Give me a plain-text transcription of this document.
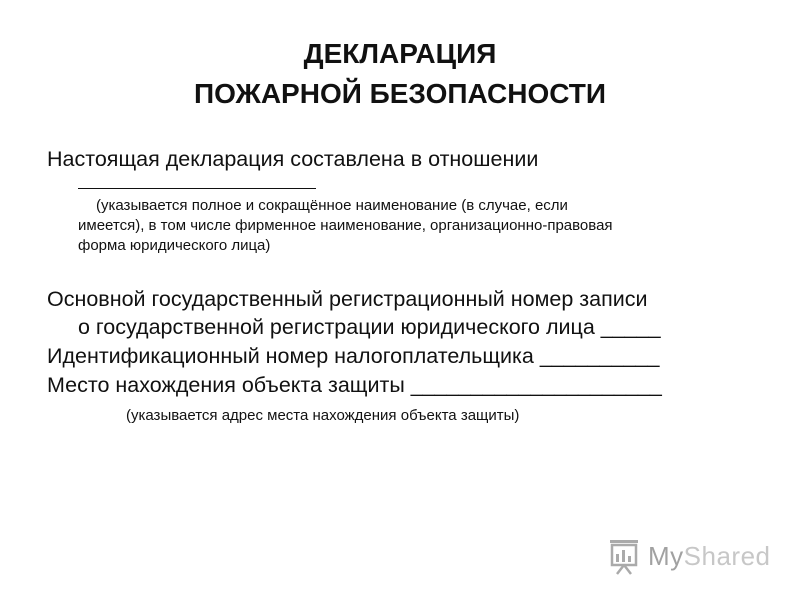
ДЕКЛАРАЦИЯ
ПОЖАРНОЙ БЕЗОПАСНОСТИ
Настоящая декларация составлена в отношении
(указывается полное и сокращённое наименование (в случае, если
имеется), в том числе фирменное наименование, организационно-правовая
форма юридического лица)
Основной государственный регистрационный номер записи
о государственной регистрации юридического лица _____
Идентификационный номер налогоплательщика __________
Место нахождения объекта защиты _____________________
(указывается адрес места нахождения объекта защиты)
MyShared
